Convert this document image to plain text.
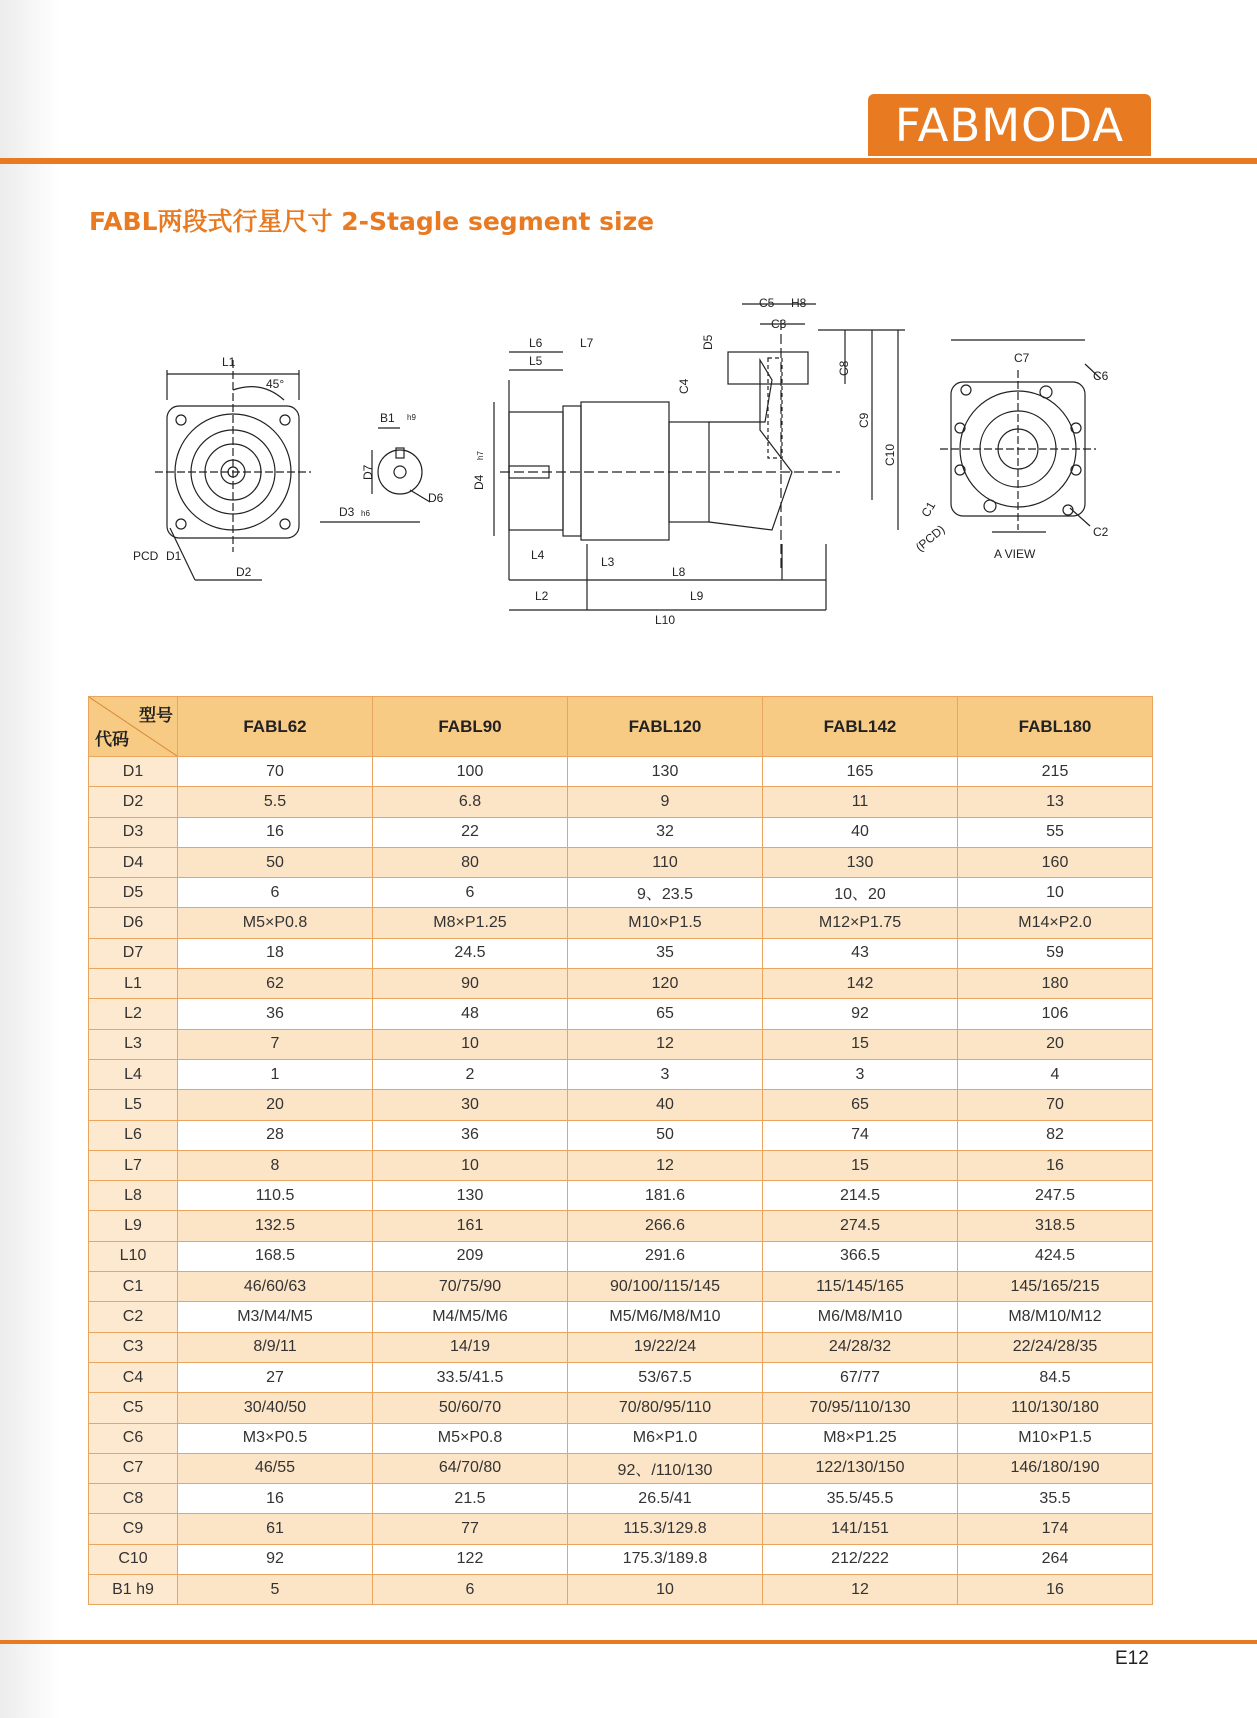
FABMODA
FABL两段式行星尺寸 2-Stagle segment size
L1
45°
PCD D1
D2
B1 h9
D7
D6
D3 h6
D4
h7
L6
L5
L7
L4	L3
L8
L2	L9
L10
C5 H8
C3
D5
C4
C8
C9
C10
C7
C6
C1
(PCD)	C2
A VIEW
型号
代码	FABL62	FABL90	FABL120	FABL142	FABL180
D1	70	100	130	165	215
D2	5.5	6.8	9	11	13
D3	16	22	32	40	55
D4	50	80	110	130	160
D5	6	6	9、23.5	10、20	10
D6	M5×P0.8	M8×P1.25	M10×P1.5	M12×P1.75	M14×P2.0
D7	18	24.5	35	43	59
L1	62	90	120	142	180
L2	36	48	65	92	106
L3	7	10	12	15	20
L4	1	2	3	3	4
L5	20	30	40	65	70
L6	28	36	50	74	82
L7	8	10	12	15	16
L8	110.5	130	181.6	214.5	247.5
L9	132.5	161	266.6	274.5	318.5
L10	168.5	209	291.6	366.5	424.5
C1	46/60/63	70/75/90	90/100/115/145	115/145/165	145/165/215
C2	M3/M4/M5	M4/M5/M6	M5/M6/M8/M10	M6/M8/M10	M8/M10/M12
C3	8/9/11	14/19	19/22/24	24/28/32	22/24/28/35
C4	27	33.5/41.5	53/67.5	67/77	84.5
C5	30/40/50	50/60/70	70/80/95/110	70/95/110/130	110/130/180
C6	M3×P0.5	M5×P0.8	M6×P1.0	M8×P1.25	M10×P1.5
C7	46/55	64/70/80	92、/110/130	122/130/150	146/180/190
C8	16	21.5	26.5/41	35.5/45.5	35.5
C9	61	77	115.3/129.8	141/151	174
C10	92	122	175.3/189.8	212/222	264
B1 h9	5	6	10	12	16
E12
